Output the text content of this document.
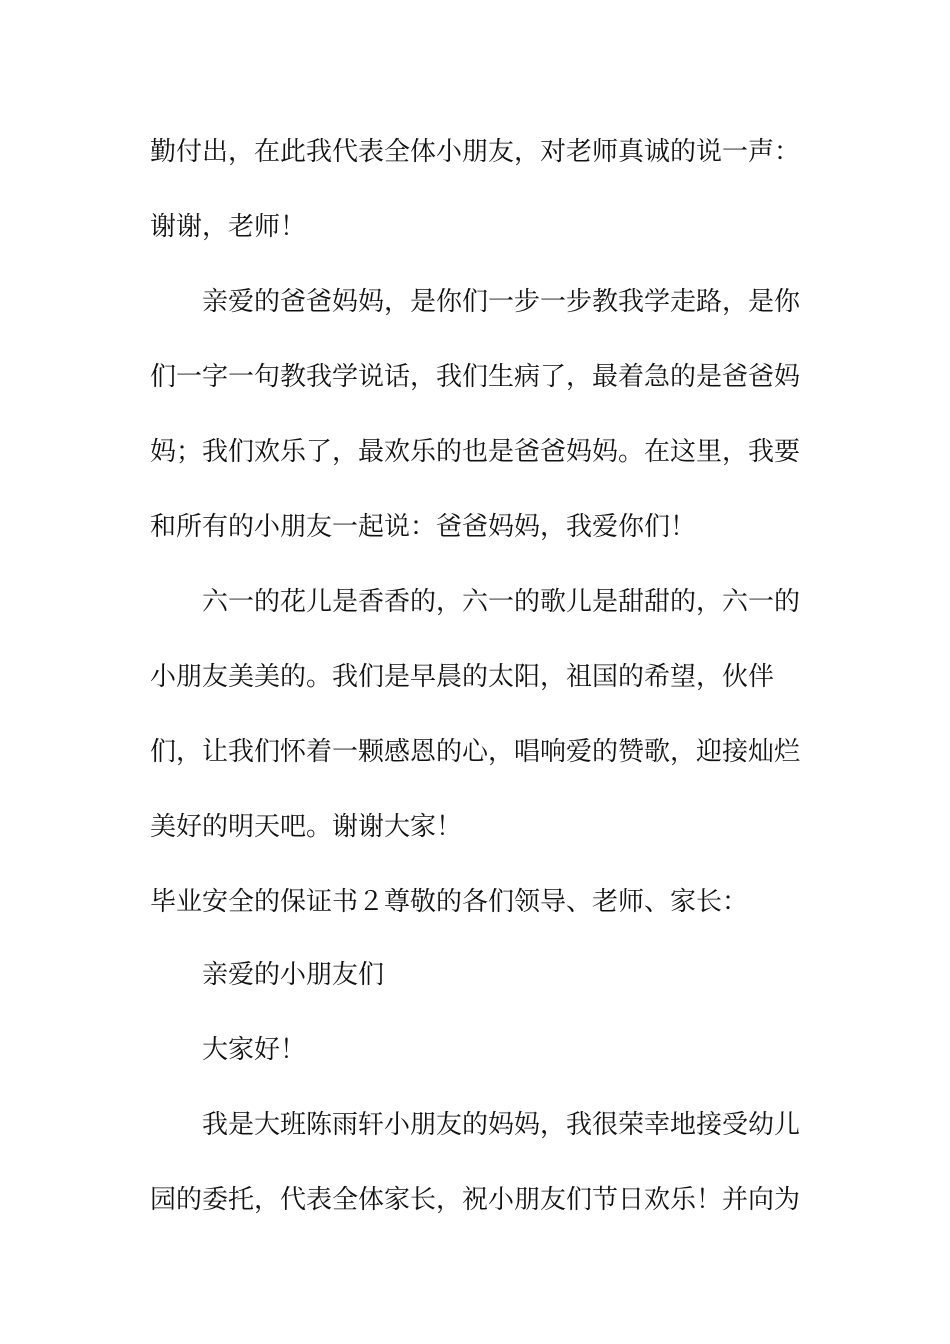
勤付出，在此我代表全体小朋友，对老师真诚的说一声：
谢谢，老师！
亲爱的爸爸妈妈，是你们一步一步教我学走路，是你
们一字一句教我学说话，我们生病了，最着急的是爸爸妈
妈；我们欢乐了，最欢乐的也是爸爸妈妈。在这里，我要
和所有的小朋友一起说：爸爸妈妈，我爱你们！
六一的花儿是香香的，六一的歌儿是甜甜的，六一的
小朋友美美的。我们是早晨的太阳，祖国的希望，伙伴
们，让我们怀着一颗感恩的心，唱响爱的赞歌，迎接灿烂
美好的明天吧。谢谢大家！
毕业安全的保证书２尊敬的各们领导、老师、家长：
亲爱的小朋友们
大家好！
我是大班陈雨轩小朋友的妈妈，我很荣幸地接受幼儿
园的委托，代表全体家长，祝小朋友们节日欢乐！并向为
